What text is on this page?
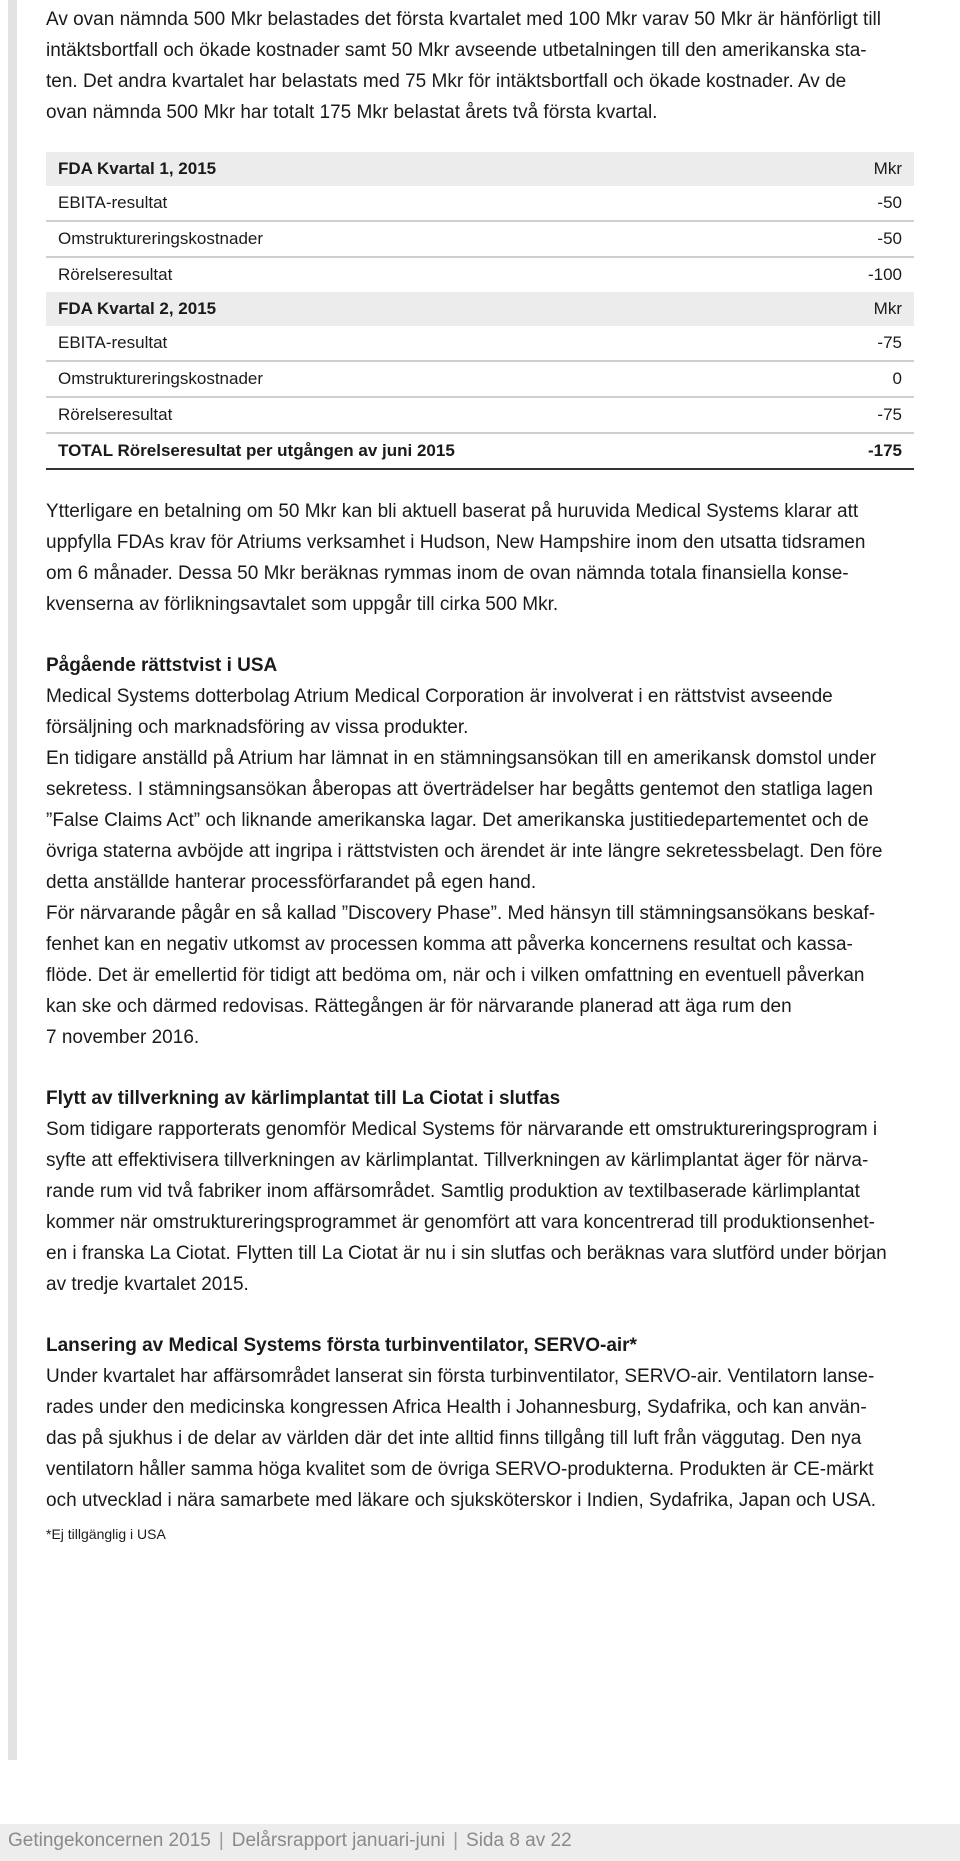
Av ovan nämnda 500 Mkr belastades det första kvartalet med 100 Mkr varav 50 Mkr är hänförligt till

intäktsbortfall och ökade kostnader samt 50 Mkr avseende utbetalningen till den amerikanska sta-

ten. Det andra kvartalet har belastats med 75 Mkr för intäktsbortfall och ökade kostnader. Av de

ovan nämnda 500 Mkr har totalt 175 Mkr belastat årets två första kvartal.

FDA Kvartal 1, 2015	Mkr
EBITA-resultat	-50
Omstruktureringskostnader	-50
Rörelseresultat	-100
FDA Kvartal 2, 2015	Mkr
EBITA-resultat	-75
Omstruktureringskostnader	0
Rörelseresultat	-75
TOTAL Rörelseresultat per utgången av juni 2015	-175

Ytterligare en betalning om 50 Mkr kan bli aktuell baserat på huruvida Medical Systems klarar att

uppfylla FDAs krav för Atriums verksamhet i Hudson, New Hampshire inom den utsatta tidsramen

om 6 månader. Dessa 50 Mkr beräknas rymmas inom de ovan nämnda totala finansiella konse-

kvenserna av förlikningsavtalet som uppgår till cirka 500 Mkr.

Pågående rättstvist i USA

Medical Systems dotterbolag Atrium Medical Corporation är involverat i en rättstvist avseende

försäljning och marknadsföring av vissa produkter.

En tidigare anställd på Atrium har lämnat in en stämningsansökan till en amerikansk domstol under

sekretess. I stämningsansökan åberopas att överträdelser har begåtts gentemot den statliga lagen

”False Claims Act” och liknande amerikanska lagar. Det amerikanska justitiedepartementet och de

övriga staterna avböjde att ingripa i rättstvisten och ärendet är inte längre sekretessbelagt. Den före

detta anställde hanterar processförfarandet på egen hand.

För närvarande pågår en så kallad ”Discovery Phase”. Med hänsyn till stämningsansökans beskaf-

fenhet kan en negativ utkomst av processen komma att påverka koncernens resultat och kassa-

flöde. Det är emellertid för tidigt att bedöma om, när och i vilken omfattning en eventuell påverkan

kan ske och därmed redovisas. Rättegången är för närvarande planerad att äga rum den

7 november 2016.

Flytt av tillverkning av kärlimplantat till La Ciotat i slutfas

Som tidigare rapporterats genomför Medical Systems för närvarande ett omstruktureringsprogram i

syfte att effektivisera tillverkningen av kärlimplantat. Tillverkningen av kärlimplantat äger för närva-

rande rum vid två fabriker inom affärsområdet. Samtlig produktion av textilbaserade kärlimplantat

kommer när omstruktureringsprogrammet är genomfört att vara koncentrerad till produktionsenhet-

en i franska La Ciotat. Flytten till La Ciotat är nu i sin slutfas och beräknas vara slutförd under början

av tredje kvartalet 2015.

Lansering av Medical Systems första turbinventilator, SERVO-air*

Under kvartalet har affärsområdet lanserat sin första turbinventilator, SERVO-air. Ventilatorn lanse-

rades under den medicinska kongressen Africa Health i Johannesburg, Sydafrika, och kan använ-

das på sjukhus i de delar av världen där det inte alltid finns tillgång till luft från väggutag. Den nya

ventilatorn håller samma höga kvalitet som de övriga SERVO-produkterna. Produkten är CE-märkt

och utvecklad i nära samarbete med läkare och sjuksköterskor i Indien, Sydafrika, Japan och USA.

*Ej tillgänglig i USA

Getingekoncernen 2015 | Delårsrapport januari-juni | Sida 8 av 22
